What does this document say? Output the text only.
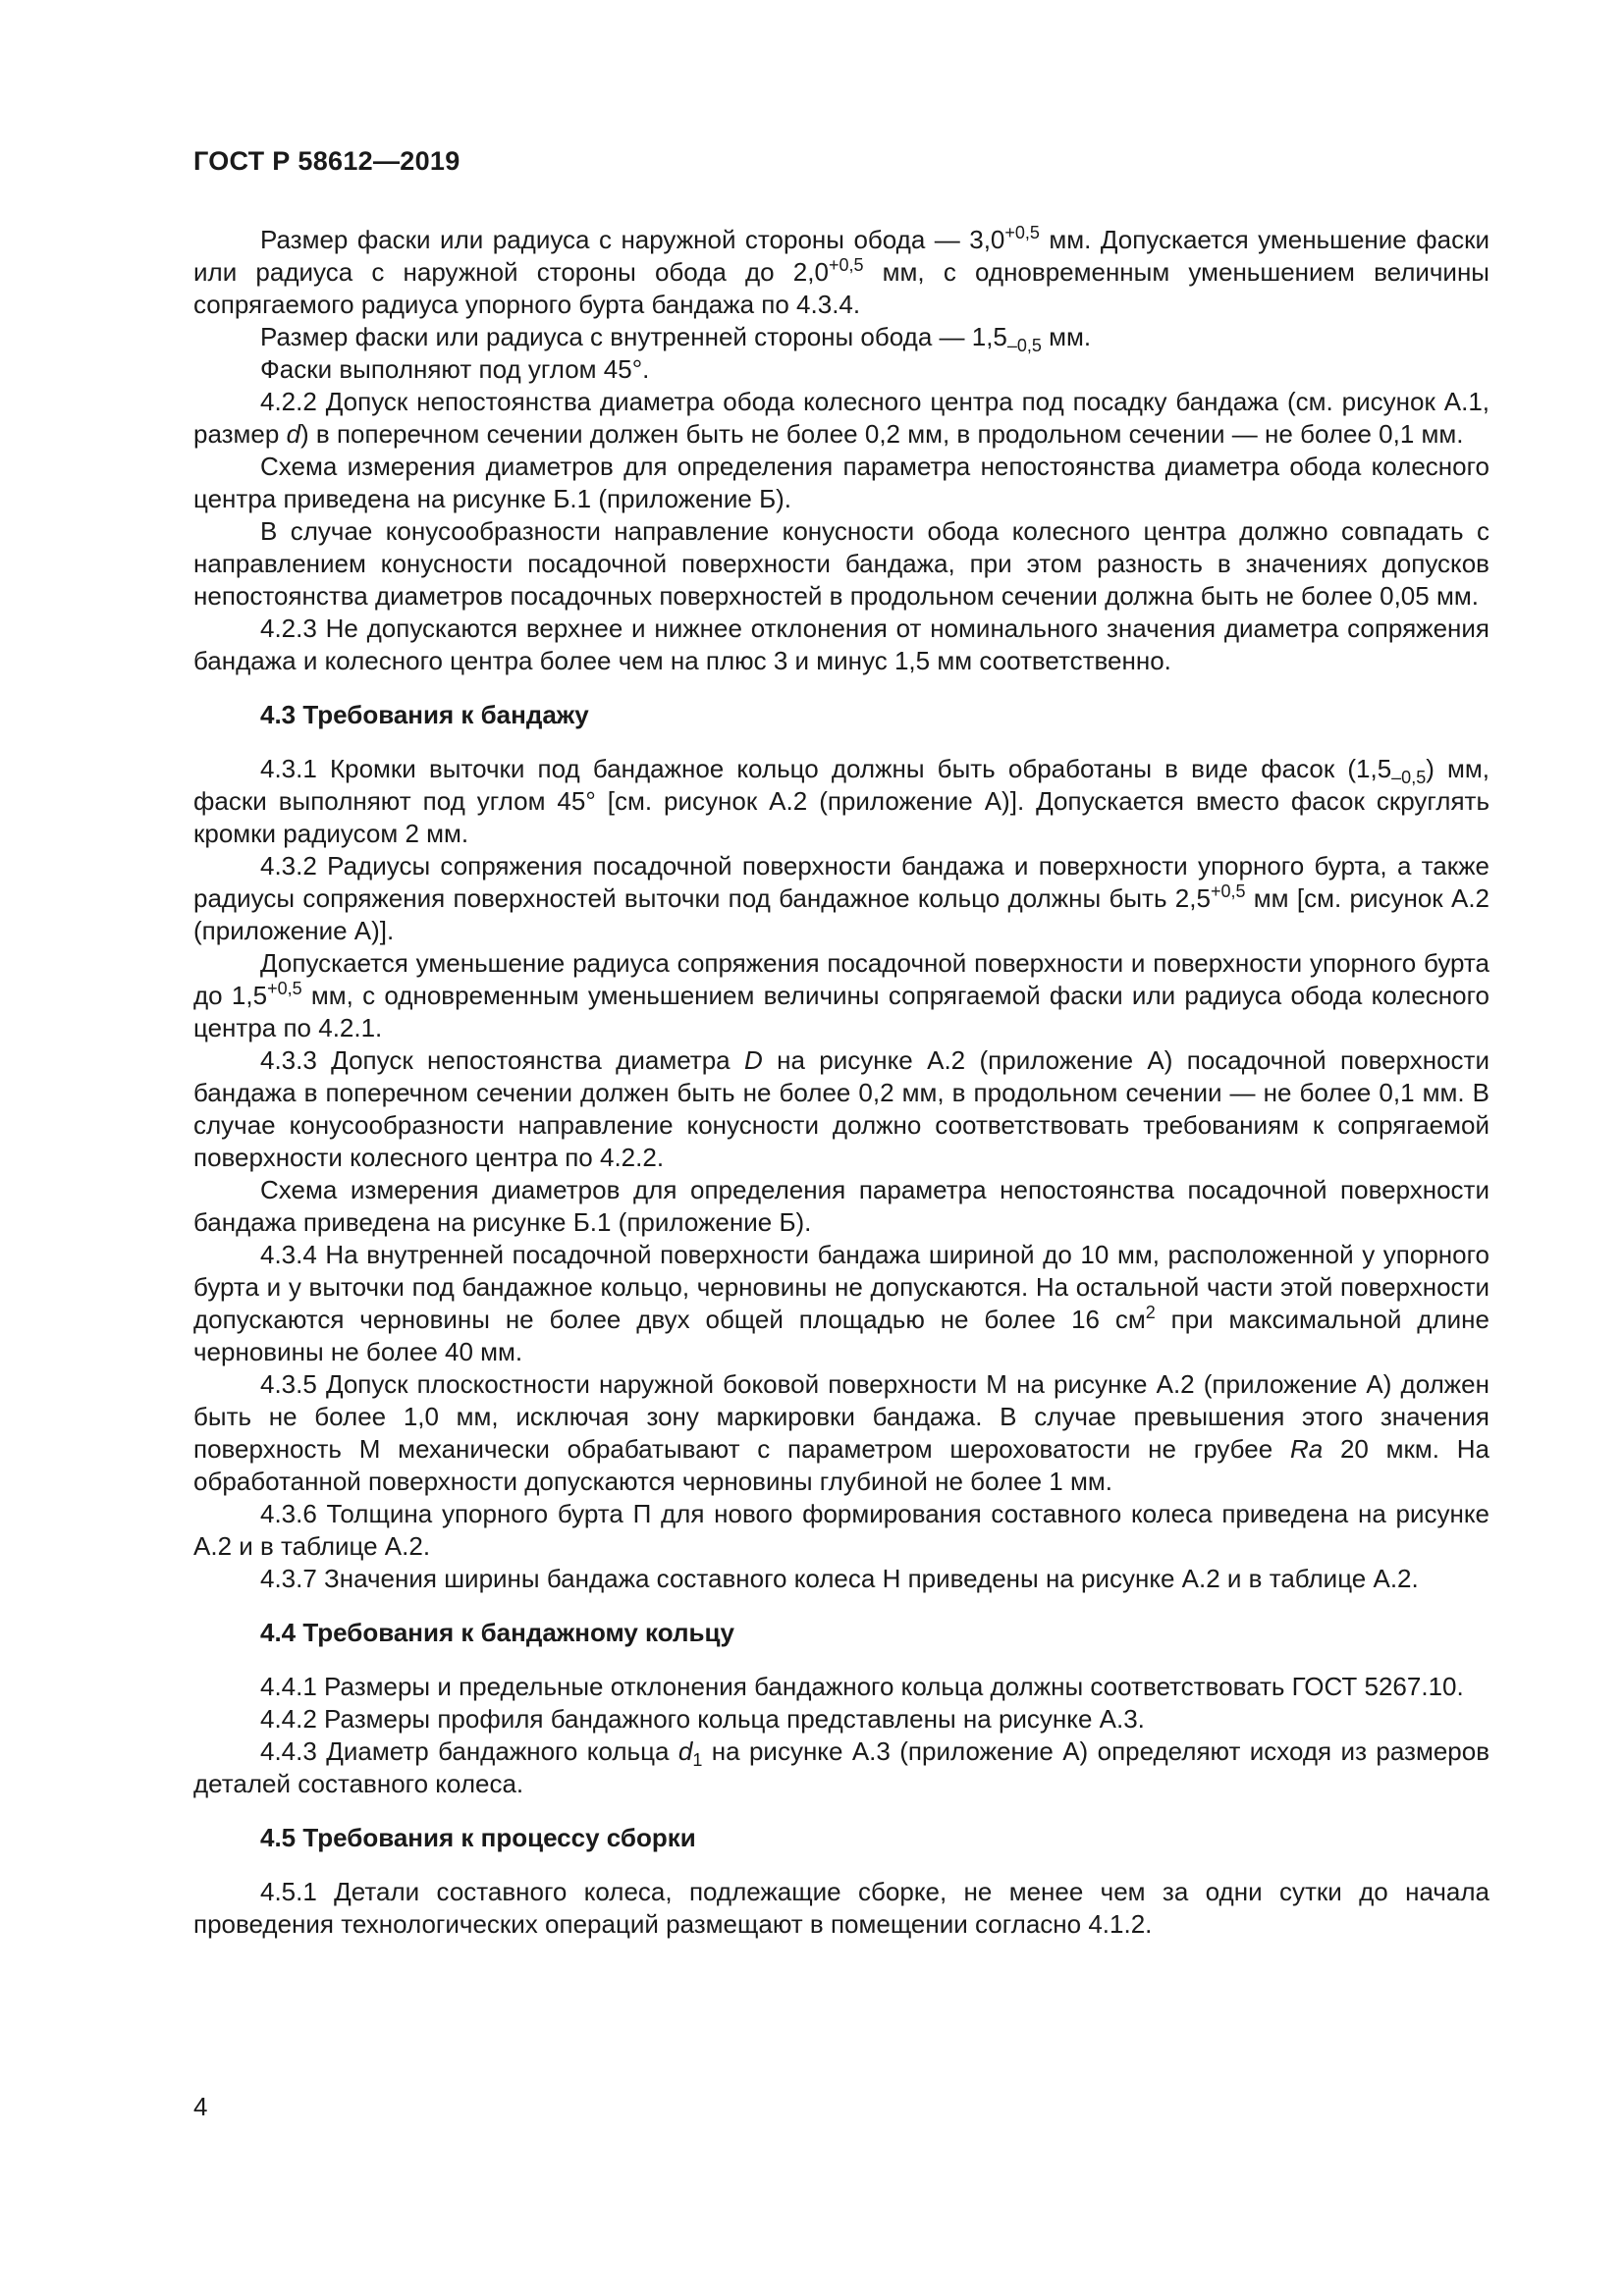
ГОСТ Р 58612—2019

Размер фаски или радиуса с наружной стороны обода — $3,0^{+0,5}$ мм. Допускается уменьшение фаски или радиуса с наружной стороны обода до $2,0^{+0,5}$ мм, с одновременным уменьшением величины сопрягаемого радиуса упорного бурта бандажа по 4.3.4.

Размер фаски или радиуса с внутренней стороны обода — $1,5_{-0,5}$ мм.

Фаски выполняют под углом 45°.

4.2.2 Допуск непостоянства диаметра обода колесного центра под посадку бандажа (см. рисунок А.1, размер d) в поперечном сечении должен быть не более 0,2 мм, в продольном сечении — не более 0,1 мм.

Схема измерения диаметров для определения параметра непостоянства диаметра обода колесного центра приведена на рисунке Б.1 (приложение Б).

В случае конусообразности направление конусности обода колесного центра должно совпадать с направлением конусности посадочной поверхности бандажа, при этом разность в значениях допусков непостоянства диаметров посадочных поверхностей в продольном сечении должна быть не более 0,05 мм.

4.2.3 Не допускаются верхнее и нижнее отклонения от номинального значения диаметра сопряжения бандажа и колесного центра более чем на плюс 3 и минус 1,5 мм соответственно.

4.3 Требования к бандажу

4.3.1 Кромки выточки под бандажное кольцо должны быть обработаны в виде фасок $(1,5_{-0,5})$ мм, фаски выполняют под углом 45° [см. рисунок А.2 (приложение А)]. Допускается вместо фасок скруглять кромки радиусом 2 мм.

4.3.2 Радиусы сопряжения посадочной поверхности бандажа и поверхности упорного бурта, а также радиусы сопряжения поверхностей выточки под бандажное кольцо должны быть $2,5^{+0,5}$ мм [см. рисунок А.2 (приложение А)].

Допускается уменьшение радиуса сопряжения посадочной поверхности и поверхности упорного бурта до $1,5^{+0,5}$ мм, с одновременным уменьшением величины сопрягаемой фаски или радиуса обода колесного центра по 4.2.1.

4.3.3 Допуск непостоянства диаметра D на рисунке А.2 (приложение А) посадочной поверхности бандажа в поперечном сечении должен быть не более 0,2 мм, в продольном сечении — не более 0,1 мм. В случае конусообразности направление конусности должно соответствовать требованиям к сопрягаемой поверхности колесного центра по 4.2.2.

Схема измерения диаметров для определения параметра непостоянства посадочной поверхности бандажа приведена на рисунке Б.1 (приложение Б).

4.3.4 На внутренней посадочной поверхности бандажа шириной до 10 мм, расположенной у упорного бурта и у выточки под бандажное кольцо, черновины не допускаются. На остальной части этой поверхности допускаются черновины не более двух общей площадью не более 16 $см^2$ при максимальной длине черновины не более 40 мм.

4.3.5 Допуск плоскостности наружной боковой поверхности М на рисунке А.2 (приложение А) должен быть не более 1,0 мм, исключая зону маркировки бандажа. В случае превышения этого значения поверхность М механически обрабатывают с параметром шероховатости не грубее Ra 20 мкм. На обработанной поверхности допускаются черновины глубиной не более 1 мм.

4.3.6 Толщина упорного бурта П для нового формирования составного колеса приведена на рисунке А.2 и в таблице А.2.

4.3.7 Значения ширины бандажа составного колеса Н приведены на рисунке А.2 и в таблице А.2.

4.4 Требования к бандажному кольцу

4.4.1 Размеры и предельные отклонения бандажного кольца должны соответствовать ГОСТ 5267.10.

4.4.2 Размеры профиля бандажного кольца представлены на рисунке А.3.

4.4.3 Диаметр бандажного кольца $d_1$ на рисунке А.3 (приложение А) определяют исходя из размеров деталей составного колеса.

4.5 Требования к процессу сборки

4.5.1 Детали составного колеса, подлежащие сборке, не менее чем за одни сутки до начала проведения технологических операций размещают в помещении согласно 4.1.2.

4
